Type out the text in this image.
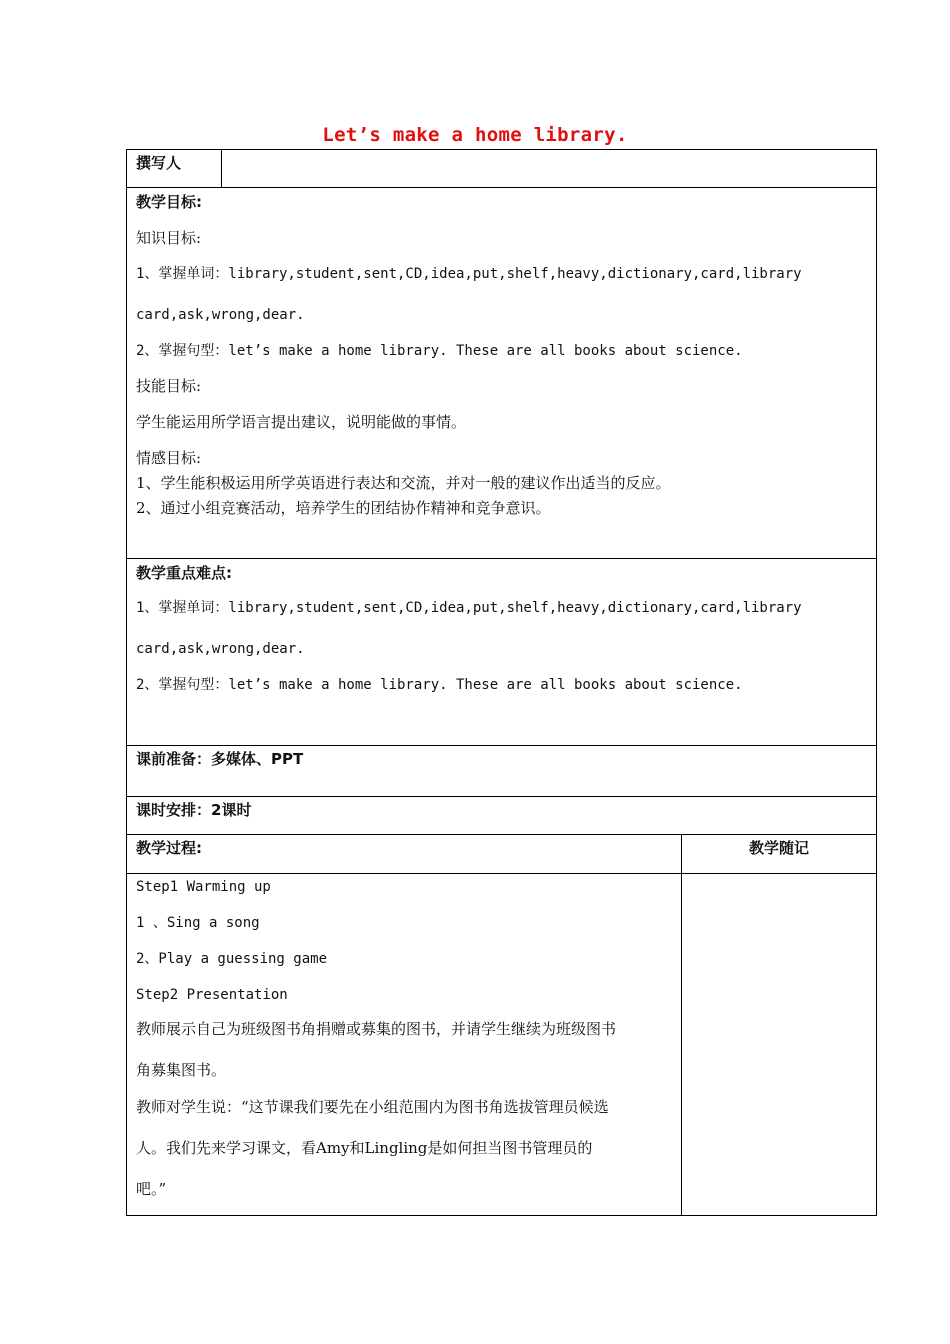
Let’s make a home library.
撰写人
教学目标:
知识目标:
1、掌握单词：library,student,sent,CD,idea,put,shelf,heavy,dictionary,card,library
card,ask,wrong,dear.
2、掌握句型：let’s make a home library. These are all books about science.
技能目标:
学生能运用所学语言提出建议，说明能做的事情。
情感目标:
1、学生能积极运用所学英语进行表达和交流，并对一般的建议作出适当的反应。
2、通过小组竞赛活动，培养学生的团结协作精神和竞争意识。
教学重点难点:
1、掌握单词：library,student,sent,CD,idea,put,shelf,heavy,dictionary,card,library
card,ask,wrong,dear.
2、掌握句型：let’s make a home library. These are all books about science.
课前准备：多媒体、PPT
课时安排：2课时
教学过程:	教学随记
Step1 Warming up
1 、Sing a song
2、Play a guessing game
Step2 Presentation
教师展示自己为班级图书角捐赠或募集的图书，并请学生继续为班级图书
角募集图书。
教师对学生说：“这节课我们要先在小组范围内为图书角选拔管理员候选
人。我们先来学习课文，看Amy和Lingling是如何担当图书管理员的
吧。”
